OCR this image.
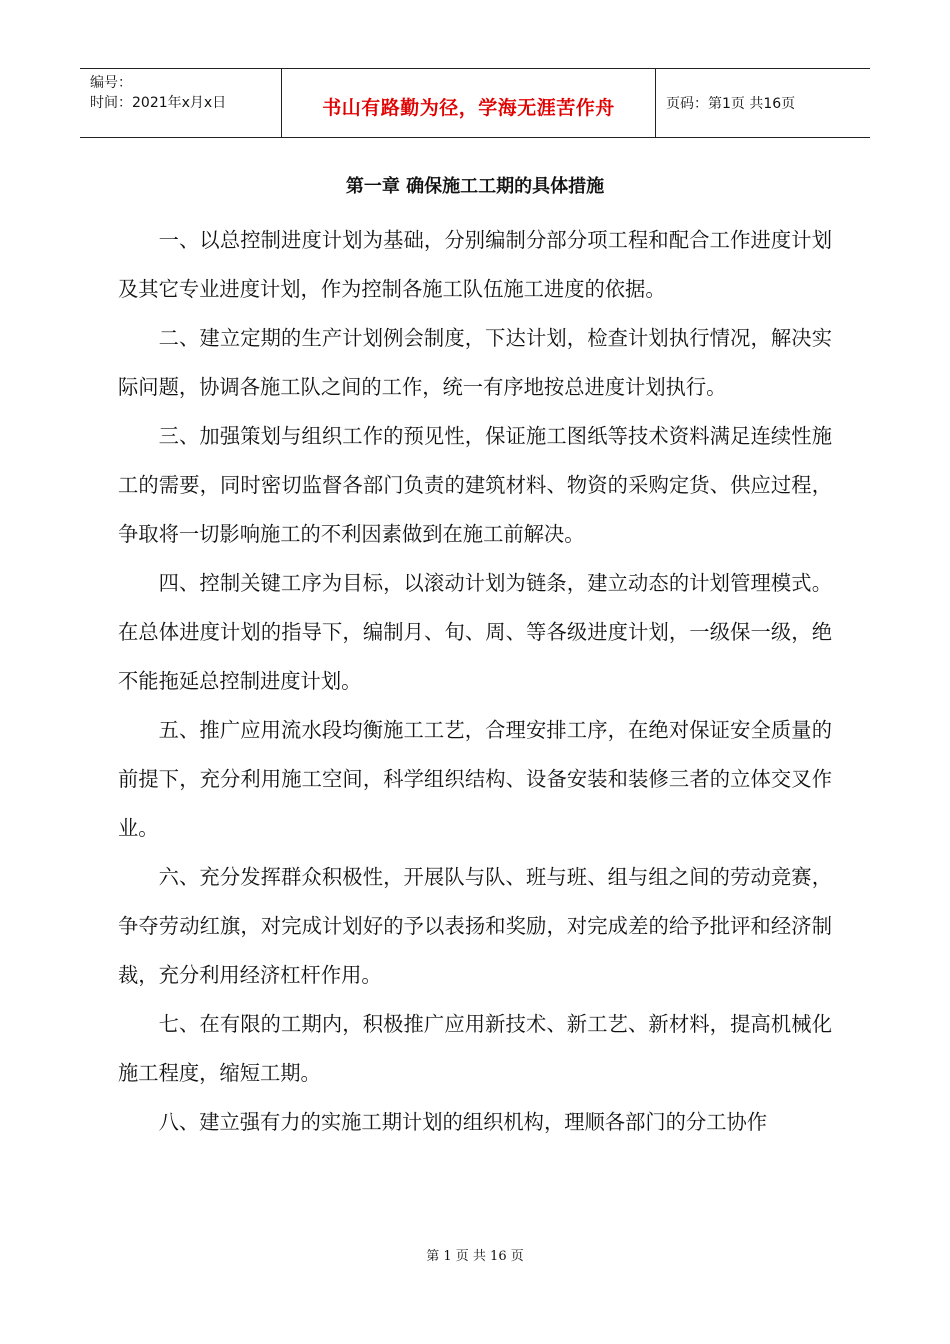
编号：
时间：2021年x月x日	书山有路勤为径，学海无涯苦作舟	页码：第1页 共16页
第一章 确保施工工期的具体措施

一、以总控制进度计划为基础，分别编制分部分项工程和配合工作进度计划及其它专业进度计划，作为控制各施工队伍施工进度的依据。

二、建立定期的生产计划例会制度，下达计划，检查计划执行情况，解决实际问题，协调各施工队之间的工作，统一有序地按总进度计划执行。

三、加强策划与组织工作的预见性，保证施工图纸等技术资料满足连续性施工的需要，同时密切监督各部门负责的建筑材料、物资的采购定货、供应过程，争取将一切影响施工的不利因素做到在施工前解决。

四、控制关键工序为目标，以滚动计划为链条，建立动态的计划管理模式。在总体进度计划的指导下，编制月、旬、周、等各级进度计划，一级保一级，绝不能拖延总控制进度计划。

五、推广应用流水段均衡施工工艺，合理安排工序，在绝对保证安全质量的前提下，充分利用施工空间，科学组织结构、设备安装和装修三者的立体交叉作业。

六、充分发挥群众积极性，开展队与队、班与班、组与组之间的劳动竞赛，争夺劳动红旗，对完成计划好的予以表扬和奖励，对完成差的给予批评和经济制裁，充分利用经济杠杆作用。

七、在有限的工期内，积极推广应用新技术、新工艺、新材料，提高机械化施工程度，缩短工期。

八、建立强有力的实施工期计划的组织机构，理顺各部门的分工协作

第 1 页 共 16 页
